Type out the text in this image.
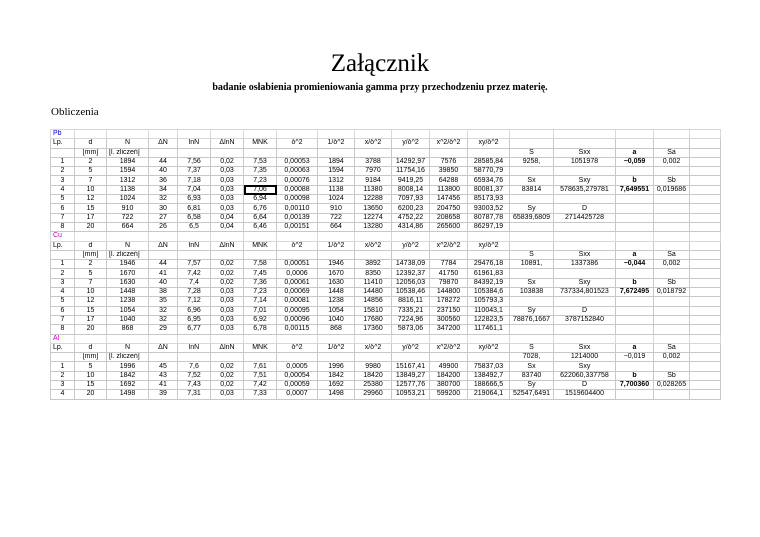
Załącznik
badanie osłabienia promieniowania gamma przy przechodzeniu przez materię.
Obliczenia
Pb																	
Lp.	d	N	ΔN	lnN	ΔlnN	MNK	δ^2	1/δ^2	x/δ^2	y/δ^2	x^2/δ^2	xy/δ^2					
	[mm]	[l. zliczeń]											S	Sxx	a	Sa	
1	2	1894	44	7,56	0,02	7,53	0,00053	1894	3788	14292,97	7576	28585,84	9258,	1051978	−0,059	0,002	
2	5	1594	40	7,37	0,03	7,35	0,00063	1594	7970	11754,16	39850	58770,79					
3	7	1312	36	7,18	0,03	7,23	0,00076	1312	9184	9419,25	64288	65934,76	Sx	Sxy	b	Sb	
4	10	1138	34	7,04	0,03	7,06	0,00088	1138	11380	8008,14	113800	80081,37	83814	578635,279781	7,649551	0,019686	
5	12	1024	32	6,93	0,03	6,94	0,00098	1024	12288	7097,93	147456	85173,93					
6	15	910	30	6,81	0,03	6,76	0,00110	910	13650	6200,23	204750	93003,52	Sy	D			
7	17	722	27	6,58	0,04	6,64	0,00139	722	12274	4752,22	208658	80787,78	65839,6809	2714425728			
8	20	664	26	6,5	0,04	6,46	0,00151	664	13280	4314,86	265600	86297,19					
Cu																	
Lp.	d	N	ΔN	lnN	ΔlnN	MNK	δ^2	1/δ^2	x/δ^2	y/δ^2	x^2/δ^2	xy/δ^2					
	[mm]	[l. zliczeń]											S	Sxx	a	Sa	
1	2	1946	44	7,57	0,02	7,58	0,00051	1946	3892	14738,09	7784	29476,18	10891,	1337386	−0,044	0,002	
2	5	1670	41	7,42	0,02	7,45	0,0006	1670	8350	12392,37	41750	61961,83					
3	7	1630	40	7,4	0,02	7,36	0,00061	1630	11410	12056,03	79870	84392,19	Sx	Sxy	b	Sb	
4	10	1448	38	7,28	0,03	7,23	0,00069	1448	14480	10538,46	144800	105384,6	103838	737334,801523	7,672495	0,018792	
5	12	1238	35	7,12	0,03	7,14	0,00081	1238	14856	8816,11	178272	105793,3					
6	15	1054	32	6,96	0,03	7,01	0,00095	1054	15810	7335,21	237150	110043,1	Sy	D			
7	17	1040	32	6,95	0,03	6,92	0,00096	1040	17680	7224,96	300560	122823,5	78876,1667	3787152840			
8	20	868	29	6,77	0,03	6,78	0,00115	868	17360	5873,06	347200	117461,1					
Al																	
Lp.	d	N	ΔN	lnN	ΔlnN	MNK	δ^2	1/δ^2	x/δ^2	y/δ^2	x^2/δ^2	xy/δ^2	S	Sxx	a	Sa	
	[mm]	[l. zliczeń]											7028,	1214000	−0,019	0,002	
1	5	1996	45	7,6	0,02	7,61	0,0005	1996	9980	15167,41	49900	75837,03	Sx	Sxy			
2	10	1842	43	7,52	0,02	7,51	0,00054	1842	18420	13849,27	184200	138492,7	83740	622060,337758	b	Sb	
3	15	1692	41	7,43	0,02	7,42	0,00059	1692	25380	12577,76	380700	188666,5	Sy	D	7,700360	0,028265	
4	20	1498	39	7,31	0,03	7,33	0,0007	1498	29960	10953,21	599200	219064,1	52547,6491	1519604400			
